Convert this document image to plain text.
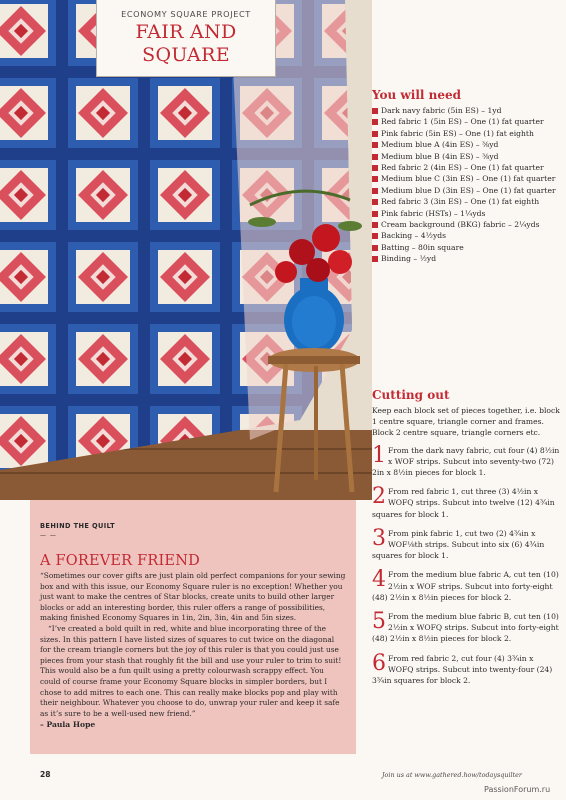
ECONOMY SQUARE PROJECT
FAIR AND
SQUARE
You will need
Dark navy fabric (5in ES) – 1yd
Red fabric 1 (5in ES) – One (1) fat quarter
Pink fabric (5in ES) – One (1) fat eighth
Medium blue A (4in ES) – ⅜yd
Medium blue B (4in ES) – ⅜yd
Red fabric 2 (4in ES) – One (1) fat quarter
Medium blue C (3in ES) – One (1) fat quarter
Medium blue D (3in ES) – One (1) fat quarter
Red fabric 3 (3in ES) – One (1) fat eighth
Pink fabric (HSTs) – 1¼yds
Cream background (BKG) fabric – 2¼yds
Backing – 4½yds
Batting – 80in square
Binding – ½yd
Cutting out

Keep each block set of pieces together, i.e. block 1 centre square, triangle corner and frames. Block 2 centre square, triangle corners etc.

1 From the dark navy fabric, cut four (4) 8½in x WOF strips. Subcut into seventy-two (72) 2in x 8½in pieces for block 1.

2 From red fabric 1, cut three (3) 4½in x WOFQ strips. Subcut into twelve (12) 4¾in squares for block 1.

3 From pink fabric 1, cut two (2) 4¾in x WOF⅛th strips. Subcut into six (6) 4¾in squares for block 1.

4 From the medium blue fabric A, cut ten (10) 2½in x WOF strips. Subcut into forty-eight (48) 2½in x 8½in pieces for block 2.

5 From the medium blue fabric B, cut ten (10) 2½in x WOFQ strips. Subcut into forty-eight (48) 2½in x 8½in pieces for block 2.

6 From red fabric 2, cut four (4) 3¾in x WOFQ strips. Subcut into twenty-four (24) 3¾in squares for block 2.

BEHIND THE QUILT
— —
A FOREVER FRIEND

“Sometimes our cover gifts are just plain old perfect companions for your sewing box and with this issue, our Economy Square ruler is no exception! Whether you just want to make the centres of Star blocks, create units to build other larger blocks or add an interesting border, this ruler offers a range of possibilities, making finished Economy Squares in 1in, 2in, 3in, 4in and 5in sizes.

“I’ve created a bold quilt in red, white and blue incorporating three of the sizes. In this pattern I have listed sizes of squares to cut twice on the diagonal for the cream triangle corners but the joy of this ruler is that you could just use pieces from your stash that roughly fit the bill and use your ruler to trim to suit! This would also be a fun quilt using a pretty colourwash scrappy effect. You could of course frame your Economy Square blocks in simpler borders, but I chose to add mitres to each one. This can really make blocks pop and play with their neighbour. Whatever you choose to do, unwrap your ruler and keep it safe as it’s sure to be a well-used new friend.”

– Paula Hope
28	Join us at www.gathered.how/todaysquilter
PassionForum.ru
